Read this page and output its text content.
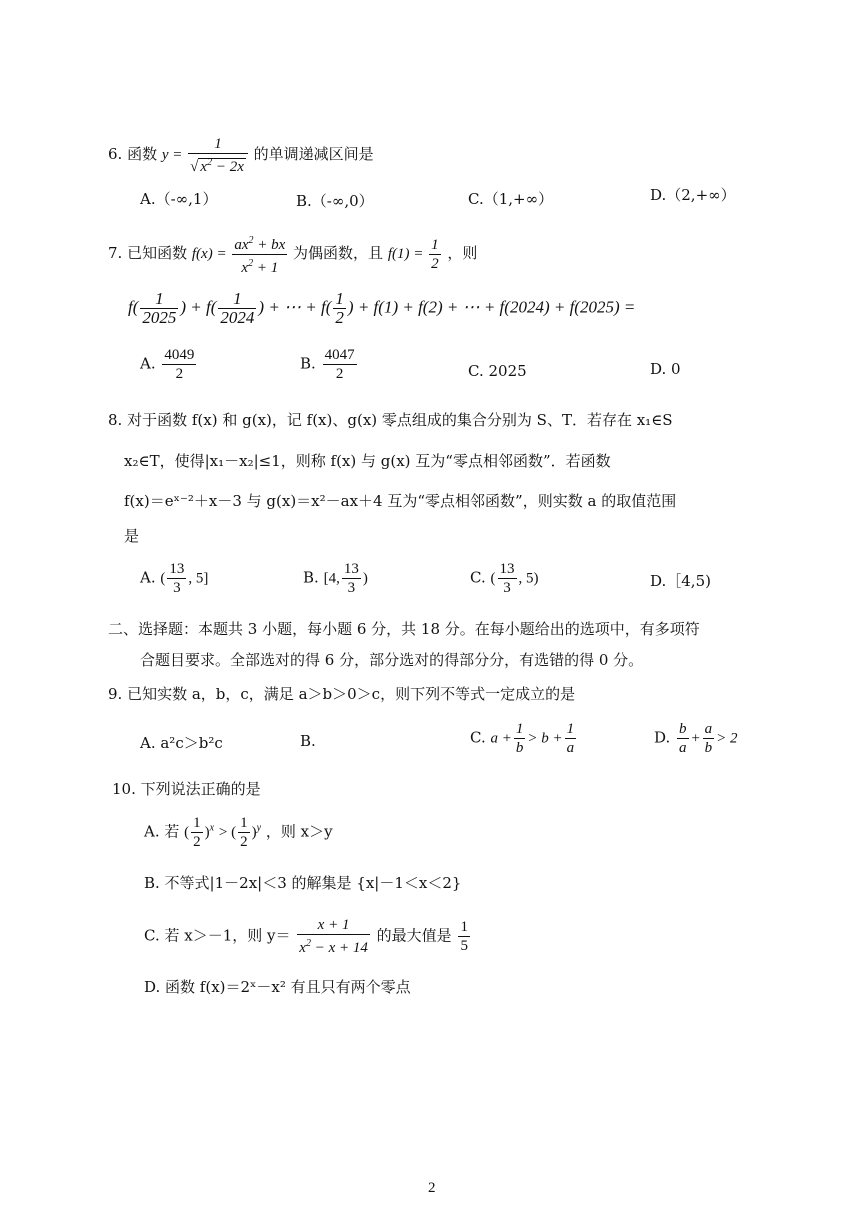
6. 函数 $y = \frac{1}{√ x^2 - 2x}$ 的单调递减区间是
A.（-∞,1）	B.（-∞,0）	C.（1,+∞）	D.（2,+∞）
7. 已知函数 $f(x) = \frac{ax^2 + bx}{x^2 + 1}$ 为偶函数，且 $f(1) = \frac{1}{2}$ ，则
$f( \frac{1}{2025}$ ) + $f( \frac{1}{2024}$ ) + ⋯ + $f( \frac{1}{2}$ ) + f(1) + f(2) + ⋯ + f(2024) + f(2025) =
A. $\frac{4049}{2}$	B. $\frac{4047}{2}$	C. 2025	D. 0
8. 对于函数 f(x) 和 g(x)，记 f(x)、g(x) 零点组成的集合分别为 S、T．若存在 x₁∈S
x₂∈T，使得|x₁－x₂|≤1，则称 f(x) 与 g(x) 互为“零点相邻函数”．若函数
f(x)＝eˣ⁻²＋x－3 与 g(x)＝x²－ax＋4 互为“零点相邻函数”，则实数 a 的取值范围
是
A. ( $\frac{13}{3}$ , 5]	B. [4, $\frac{13}{3}$ )	C. ( $\frac{13}{3}$ , 5)	D.［4,5)
二、选择题：本题共 3 小题，每小题 6 分，共 18 分。在每小题给出的选项中，有多项符
合题目要求。全部选对的得 6 分，部分选对的得部分分，有选错的得 0 分。
9. 已知实数 a，b，c，满足 a＞b＞0＞c，则下列不等式一定成立的是
A. a²c＞b²c	B.	C. $a + \frac{1}{b} > b + \frac{1}{a}$	D. $\frac{b}{a} + \frac{a}{b} > 2$
10. 下列说法正确的是
A. 若 ( $\frac{1}{2} )^x$ > ( $\frac{1}{2} )^y$ ，则 x＞y
B. 不等式|1－2x|＜3 的解集是 {x|－1＜x＜2}
C. 若 x＞－1，则 $y= \frac{x + 1}{x^2 - x + 14}$ 的最大值是 $\frac{1}{5}$
D. 函数 f(x)＝2ˣ－x² 有且只有两个零点
2
